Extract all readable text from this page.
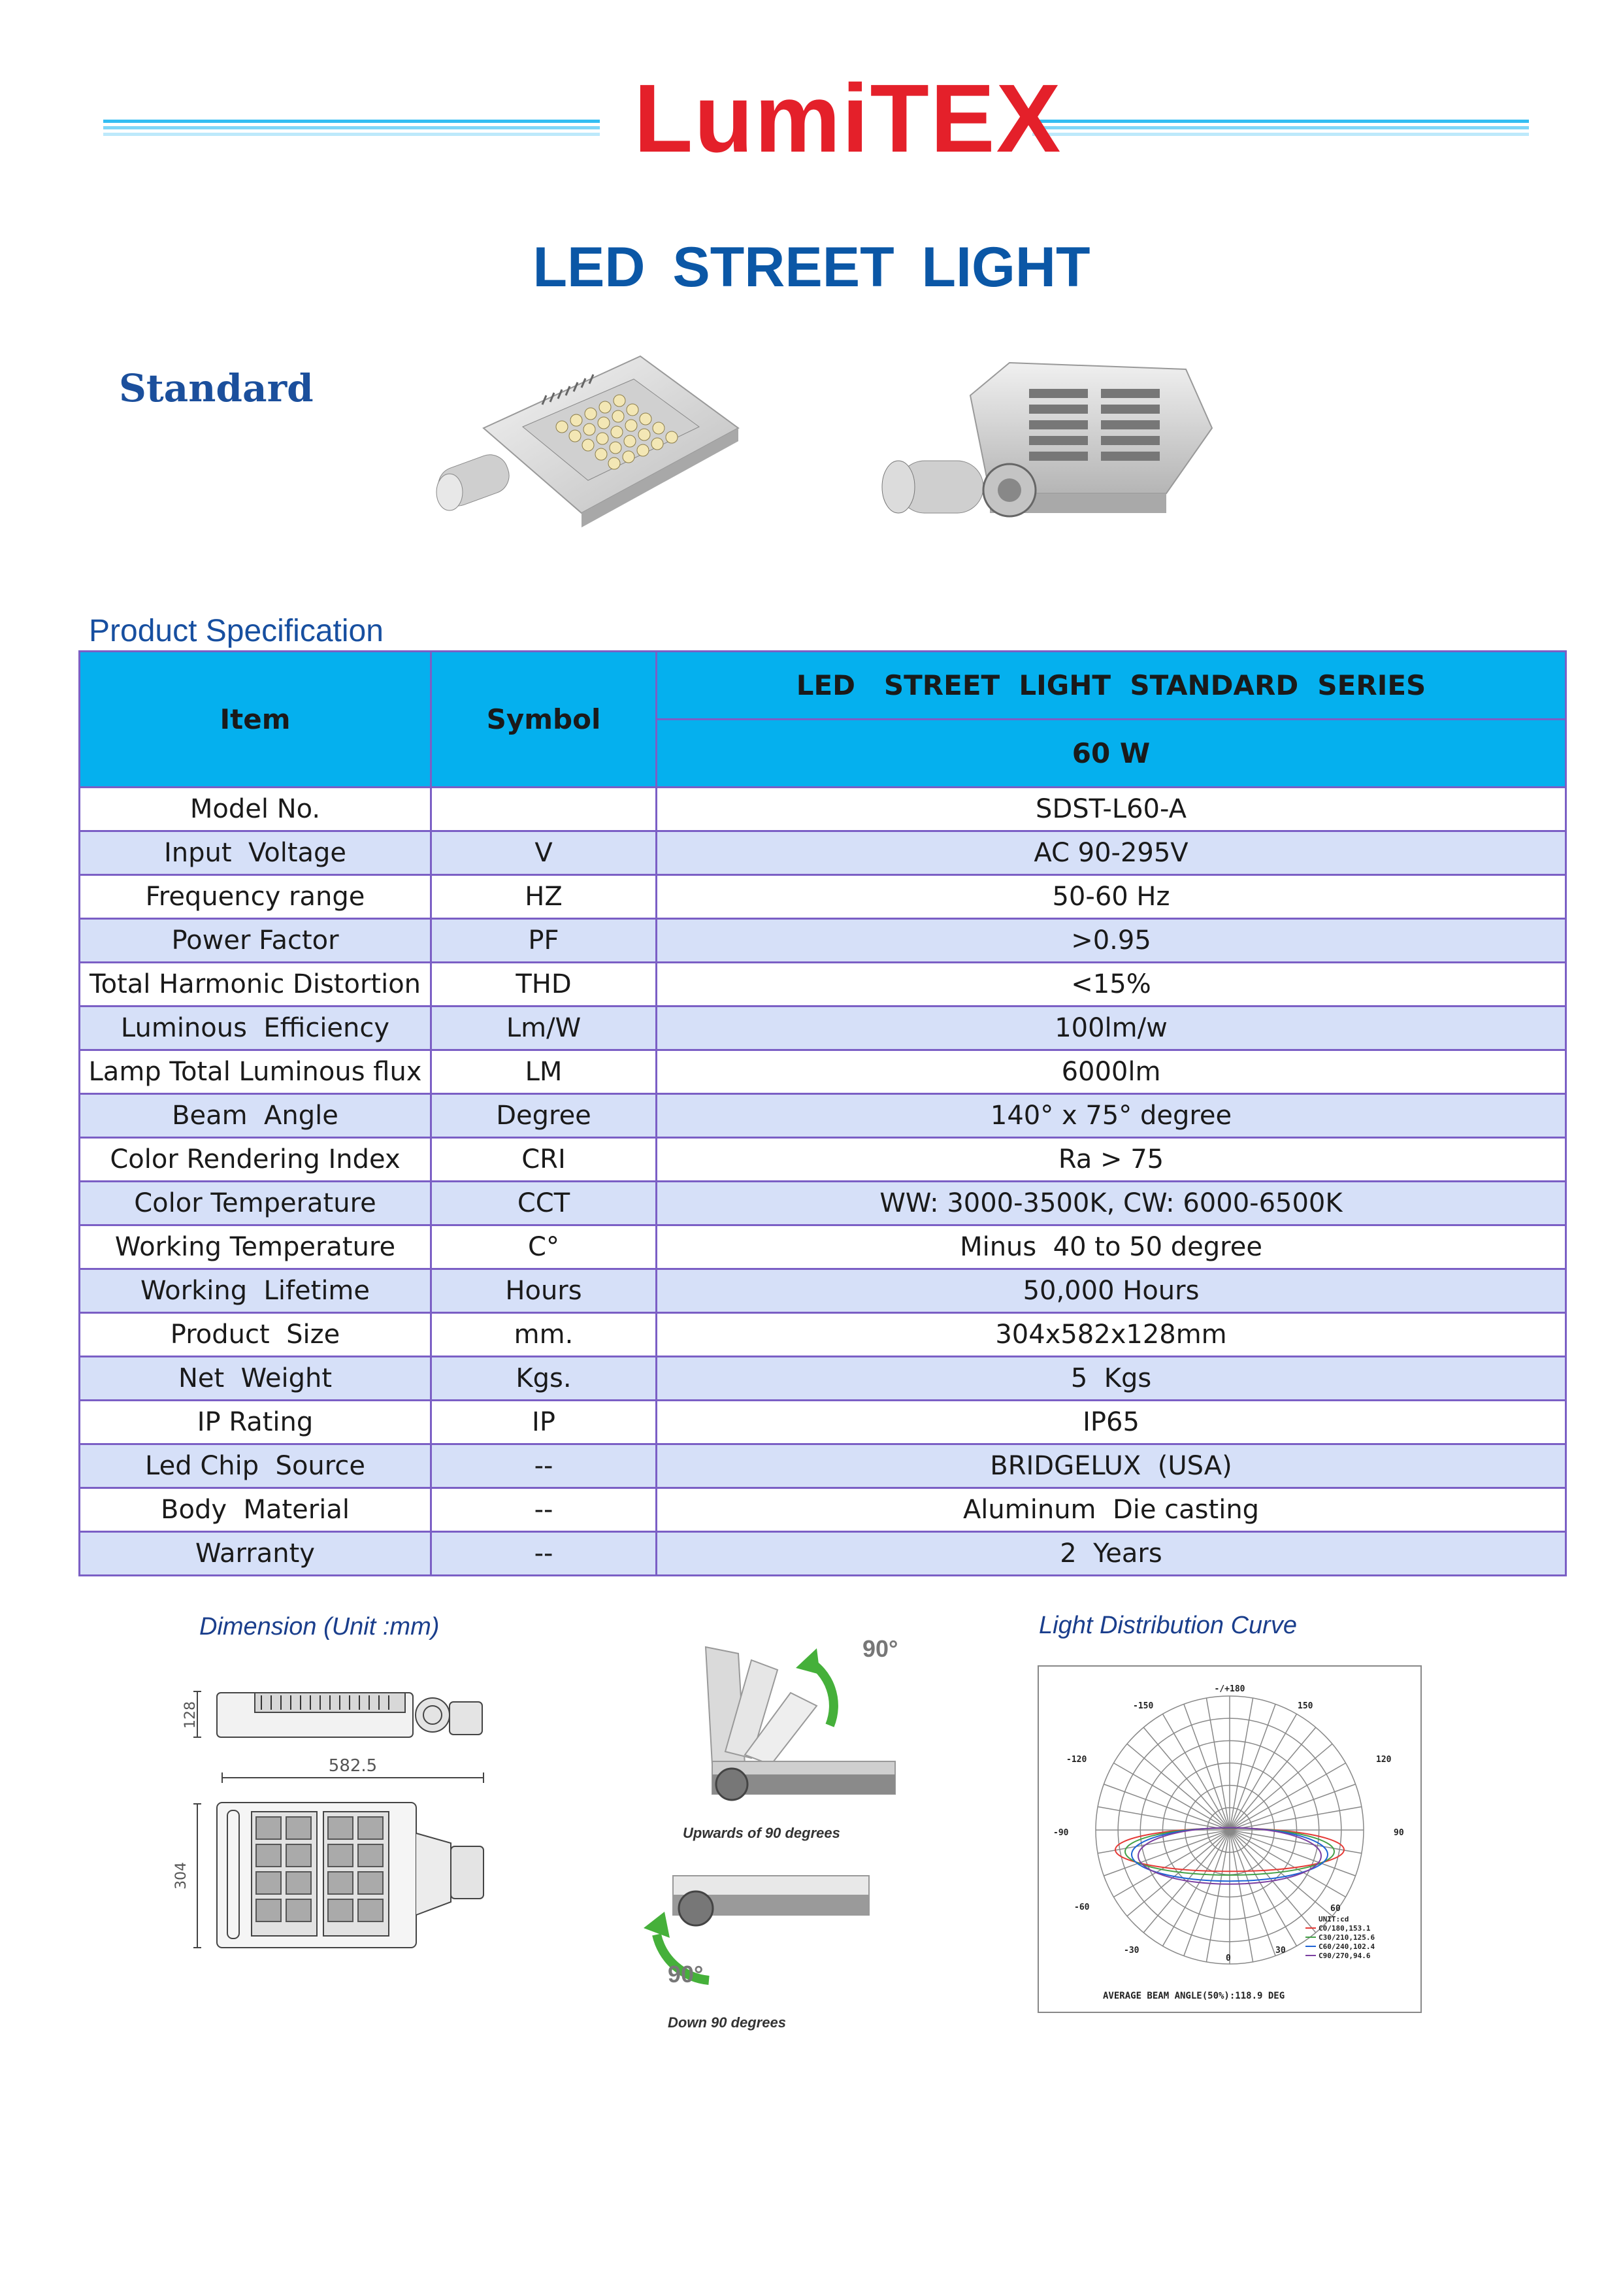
LumiTEX
LED STREET LIGHT
Standard
Product Specification
Item	Symbol	LED   STREET  LIGHT  STANDARD  SERIES
		60 W
Model No.		SDST-L60-A
Input  Voltage	V	AC 90-295V
Frequency range	HZ	50-60 Hz
Power Factor	PF	>0.95
Total Harmonic Distortion	THD	<15%
Luminous  Efficiency	Lm/W	100lm/w
Lamp Total Luminous flux	LM	6000lm
Beam  Angle	Degree	140° x 75° degree
Color Rendering Index	CRI	Ra > 75
Color Temperature	CCT	WW: 3000-3500K, CW: 6000-6500K
Working Temperature	C°	Minus  40 to 50 degree
Working  Lifetime	Hours	50,000 Hours
Product  Size	mm.	304x582x128mm
Net  Weight	Kgs.	5  Kgs
IP Rating	IP	IP65
Led Chip  Source	--	BRIDGELUX  (USA)
Body  Material	--	Aluminum  Die casting
Warranty	--	2  Years
Dimension (Unit :mm)
128
582.5
304
90°
Upwards of 90 degrees
90°
Down 90 degrees
Light Distribution Curve
-/+180
-150	150
-120	120
-90	90
-60	60
-30	30
0
UNIT:cd
C0/180,153.1
C30/210,125.6
C60/240,102.4
C90/270,94.6
AVERAGE BEAM ANGLE(50%):118.9 DEG
